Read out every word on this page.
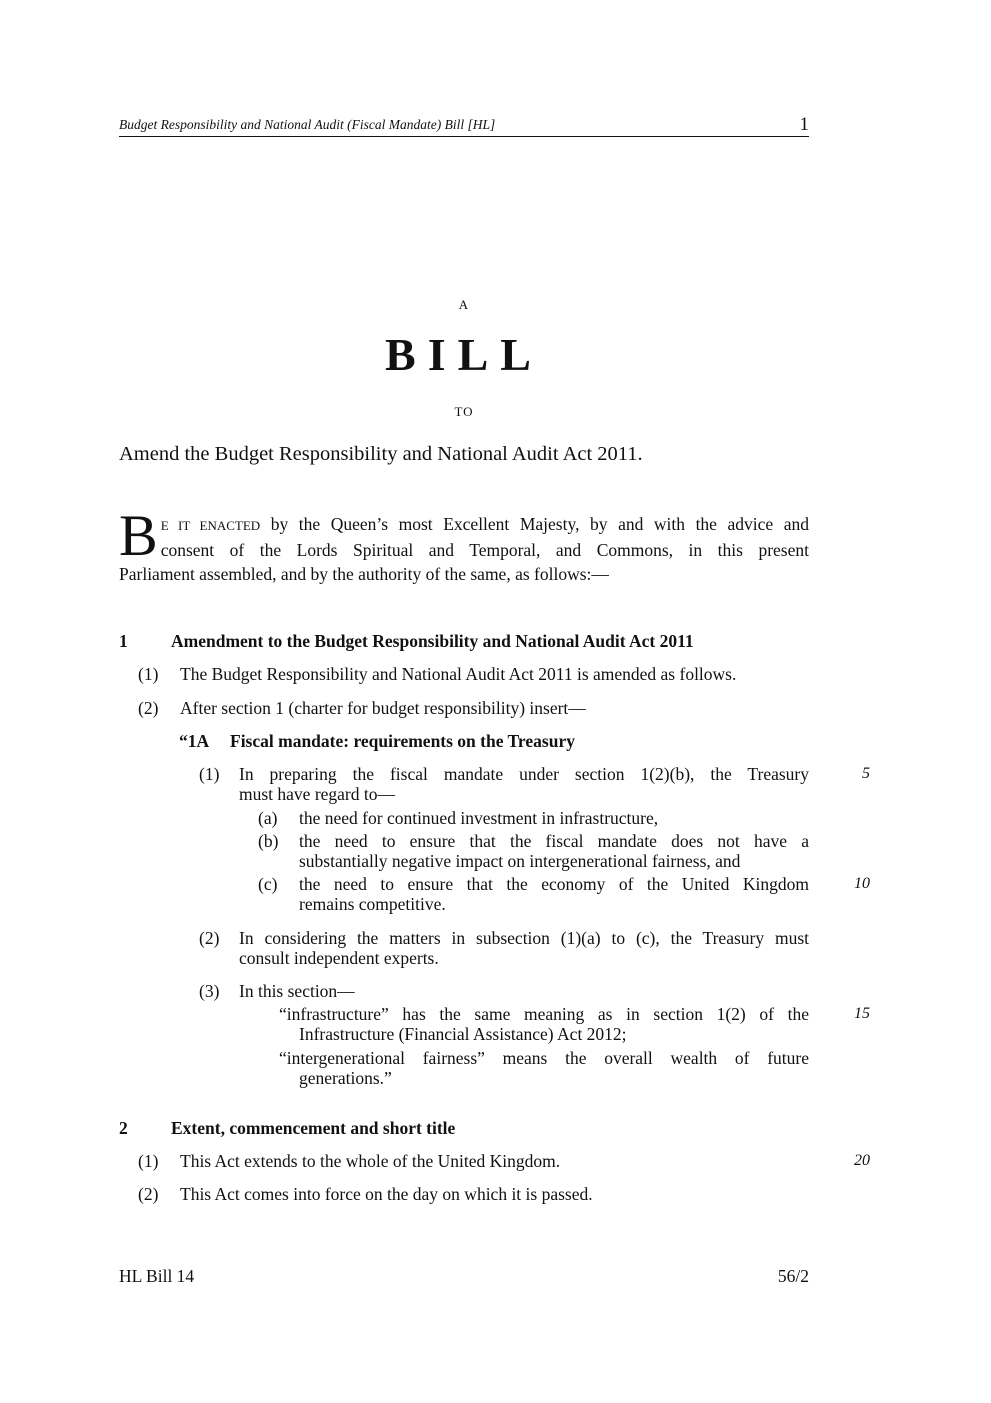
Budget Responsibility and National Audit (Fiscal Mandate) Bill [HL]	1
A
BILL
TO
Amend the Budget Responsibility and National Audit Act 2011.
B E IT ENACTED by the Queen’s most Excellent Majesty, by and with the advice and
consent of the Lords Spiritual and Temporal, and Commons, in this present
Parliament assembled, and by the authority of the same, as follows:—
1 Amendment to the Budget Responsibility and National Audit Act 2011
(1) The Budget Responsibility and National Audit Act 2011 is amended as follows.
(2) After section 1 (charter for budget responsibility) insert—
“1A Fiscal mandate: requirements on the Treasury
(1) In preparing the fiscal mandate under section 1(2)(b), the Treasury
must have regard to—
(a) the need for continued investment in infrastructure,
(b) the need to ensure that the fiscal mandate does not have a
substantially negative impact on intergenerational fairness, and
(c) the need to ensure that the economy of the United Kingdom
remains competitive.
(2) In considering the matters in subsection (1)(a) to (c), the Treasury must
consult independent experts.
(3) In this section—
“infrastructure” has the same meaning as in section 1(2) of the
Infrastructure (Financial Assistance) Act 2012;
“intergenerational fairness” means the overall wealth of future
generations.”
2 Extent, commencement and short title
(1) This Act extends to the whole of the United Kingdom.
(2) This Act comes into force on the day on which it is passed.
5
10
15
20
HL Bill 14	56/2
